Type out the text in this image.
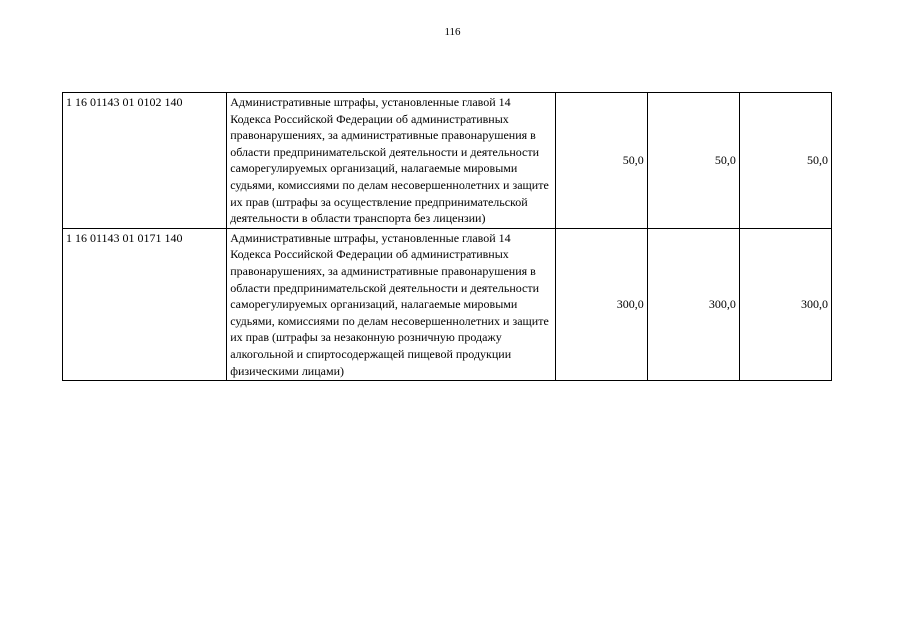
116
1 16 01143 01 0102 140	Административные штрафы, установленные главой 14 Кодекса Российской Федерации об административных правонарушениях, за административные правонарушения в области предпринимательской деятельности и деятельности саморегулируемых организаций, налагаемые мировыми судьями, комиссиями по делам несовершеннолетних и защите их прав (штрафы за осуществление предпринимательской деятельности в области транспорта без лицензии)	50,0	50,0	50,0
1 16 01143 01 0171 140	Административные штрафы, установленные главой 14 Кодекса Российской Федерации об административных правонарушениях, за административные правонарушения в области предпринимательской деятельности и деятельности саморегулируемых организаций, налагаемые мировыми судьями, комиссиями по делам несовершеннолетних и защите их прав (штрафы за незаконную розничную продажу алкогольной и спиртосодержащей пищевой продукции физическими лицами)	300,0	300,0	300,0
